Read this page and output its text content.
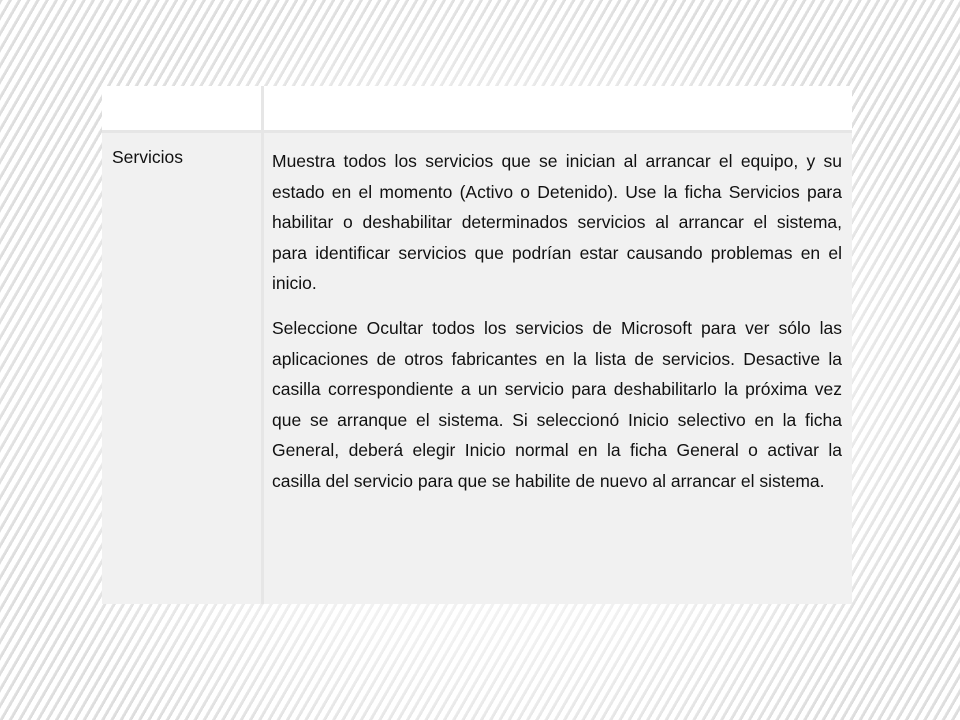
Ficha	Descripción
Servicios	Muestra todos los servicios que se inician al arrancar el equipo, y su estado en el momento (Activo o Detenido). Use la ficha Servicios para habilitar o deshabilitar determinados servicios al arrancar el sistema, para identificar servicios que podrían estar causando problemas en el inicio.

Seleccione Ocultar todos los servicios de Microsoft para ver sólo las aplicaciones de otros fabricantes en la lista de servicios. Desactive la casilla correspondiente a un servicio para deshabilitarlo la próxima vez que se arranque el sistema. Si seleccionó Inicio selectivo en la ficha General, deberá elegir Inicio normal en la ficha General o activar la casilla del servicio para que se habilite de nuevo al arrancar el sistema.
